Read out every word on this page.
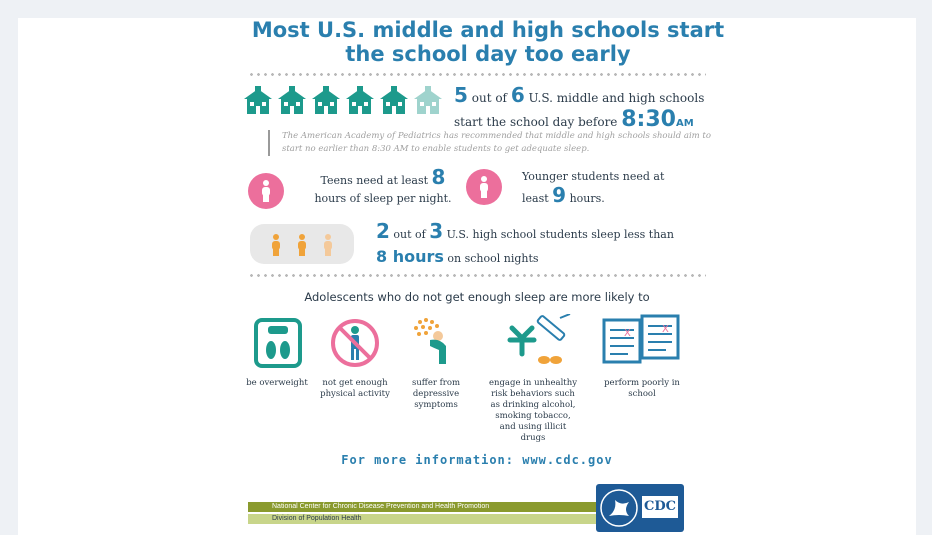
Most U.S. middle and high schools start the school day too early
5 out of 6 U.S. middle and high schools start the school day before 8:30AM
The American Academy of Pediatrics has recommended that middle and high schools should aim to start no earlier than 8:30 AM to enable students to get adequate sleep.
Teens need at least 8 hours of sleep per night.
Younger students need at least 9 hours.
2 out of 3 U.S. high school students sleep less than 8 hours on school nights
Adolescents who do not get enough sleep are more likely to
X	X
be overweight	not get enough physical activity
suffer from depressive symptoms
engage in unhealthy risk behaviors such as drinking alcohol, smoking tobacco, and using illicit drugs
perform poorly in school
For more information: www.cdc.gov
National Center for Chronic Disease Prevention and Health Promotion
Division of Population Health
CDC
